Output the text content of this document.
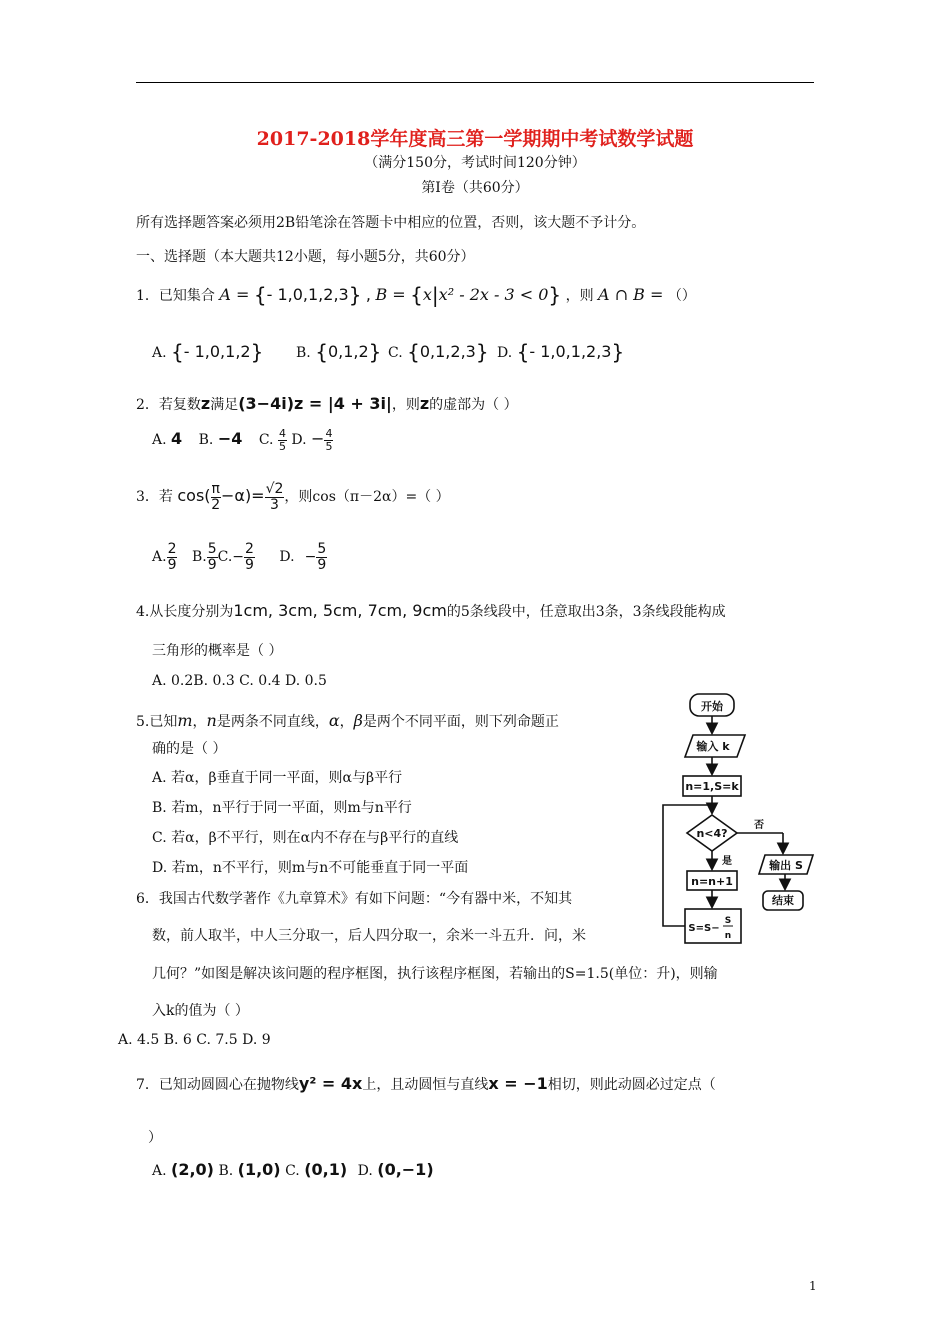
2017-2018学年度高三第一学期期中考试数学试题
（满分150分，考试时间120分钟）
第Ⅰ卷（共60分）
所有选择题答案必须用2B铅笔涂在答题卡中相应的位置，否则，该大题不予计分。
一、选择题（本大题共12小题，每小题5分，共60分）
1．已知集合 A = {- 1,0,1,2,3} , B = {x|x² - 2x - 3 < 0} ，则 A ∩ B = （）
A. {- 1,0,1,2} B. {0,1,2} C. {0,1,2,3} D. {- 1,0,1,2,3}
2．若复数z满足(3−4i)z = |4 + 3i|，则z的虚部为（ ）
A. 4 B. −4 C. $\frac{4}{5} D$. − $\frac{4}{5}$
3．若 $\cos( \frac{\pi}{2} -\alpha)= \frac{√2}{3}$ ，则cos（π－2α）=（ ）
A. $\frac{2}{9} B$. $\frac{5}{9} C.- \frac{2}{9} D$. − $\frac{5}{9}$
4.从长度分别为1cm, 3cm, 5cm, 7cm, 9cm的5条线段中，任意取出3条，3条线段能构成
三角形的概率是（ ）
A. 0.2B. 0.3 C. 0.4 D. 0.5
5.已知m，n是两条不同直线，α，β是两个不同平面，则下列命题正
确的是（ ）
A. 若α，β垂直于同一平面，则α与β平行
B. 若m，n平行于同一平面，则m与n平行
C. 若α，β不平行，则在α内不存在与β平行的直线
D. 若m，n不平行，则m与n不可能垂直于同一平面
6．我国古代数学著作《九章算术》有如下问题：“今有器中米，不知其
数，前人取半，中人三分取一，后人四分取一，余米一斗五升．问，米
几何？”如图是解决该问题的程序框图，执行该程序框图，若输出的S=1.5(单位：升)，则输
入k的值为（ ）
A. 4.5 B. 6 C. 7.5 D. 9
开始
输入 k
n=1,S=k
n<4?
是
否
输出 S
结束
n=n+1
S=S−
S
n
7．已知动圆圆心在抛物线y² = 4x上，且动圆恒与直线x = −1相切，则此动圆必过定点（
）
A. (2,0) B. (1,0) C. (0,1) D. (0,−1)
1
